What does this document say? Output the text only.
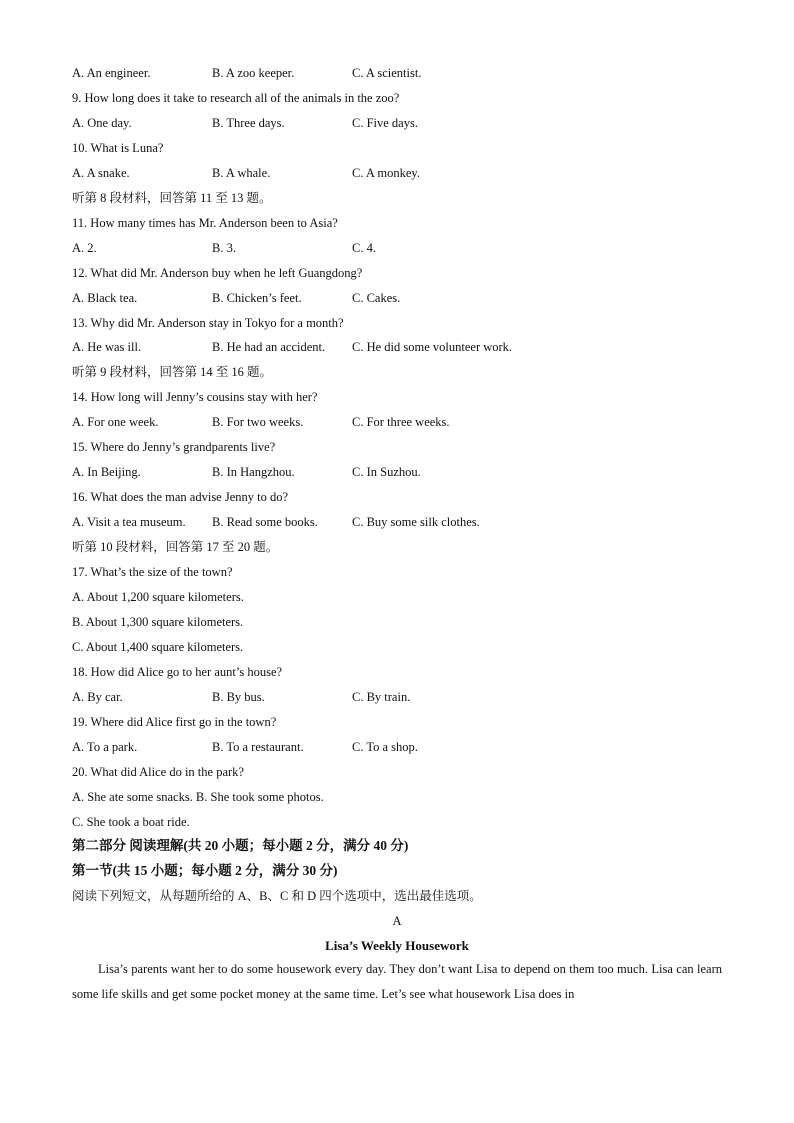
A. An engineer.	B. A zoo keeper.	C. A scientist.
9. How long does it take to research all of the animals in the zoo?
A. One day.	B. Three days.	C. Five days.
10. What is Luna?
A. A snake.	B. A whale.	C. A monkey.
听第 8 段材料，回答第 11 至 13 题。
11. How many times has Mr. Anderson been to Asia?
A. 2.	B. 3.	C. 4.
12. What did Mr. Anderson buy when he left Guangdong?
A. Black tea.	B. Chicken’s feet.	C. Cakes.
13. Why did Mr. Anderson stay in Tokyo for a month?
A. He was ill.	B. He had an accident. C. He did some volunteer work.
听第 9 段材料，回答第 14 至 16 题。
14. How long will Jenny’s cousins stay with her?
A. For one week.	B. For two weeks.	C. For three weeks.
15. Where do Jenny’s grandparents live?
A. In Beijing.	B. In Hangzhou.	C. In Suzhou.
16. What does the man advise Jenny to do?
A. Visit a tea museum. B. Read some books.	C. Buy some silk clothes.
听第 10 段材料，回答第 17 至 20 题。
17. What’s the size of the town?
A. About 1,200 square kilometers.
B. About 1,300 square kilometers.
C. About 1,400 square kilometers.
18. How did Alice go to her aunt’s house?
A. By car.	B. By bus.	C. By train.
19. Where did Alice first go in the town?
A. To a park.	B. To a restaurant.	C. To a shop.
20. What did Alice do in the park?
A. She ate some snacks. B. She took some photos.
C. She took a boat ride.
第二部分 阅读理解(共 20 小题；每小题 2 分，满分 40 分)
第一节(共 15 小题；每小题 2 分，满分 30 分)
阅读下列短文，从每题所给的 A、B、C 和 D 四个选项中，选出最佳选项。
A
Lisa’s Weekly Housework
Lisa’s parents want her to do some housework every day. They don’t want Lisa to depend on them too much. Lisa can learn some life skills and get some pocket money at the same time. Let’s see what housework Lisa does in
